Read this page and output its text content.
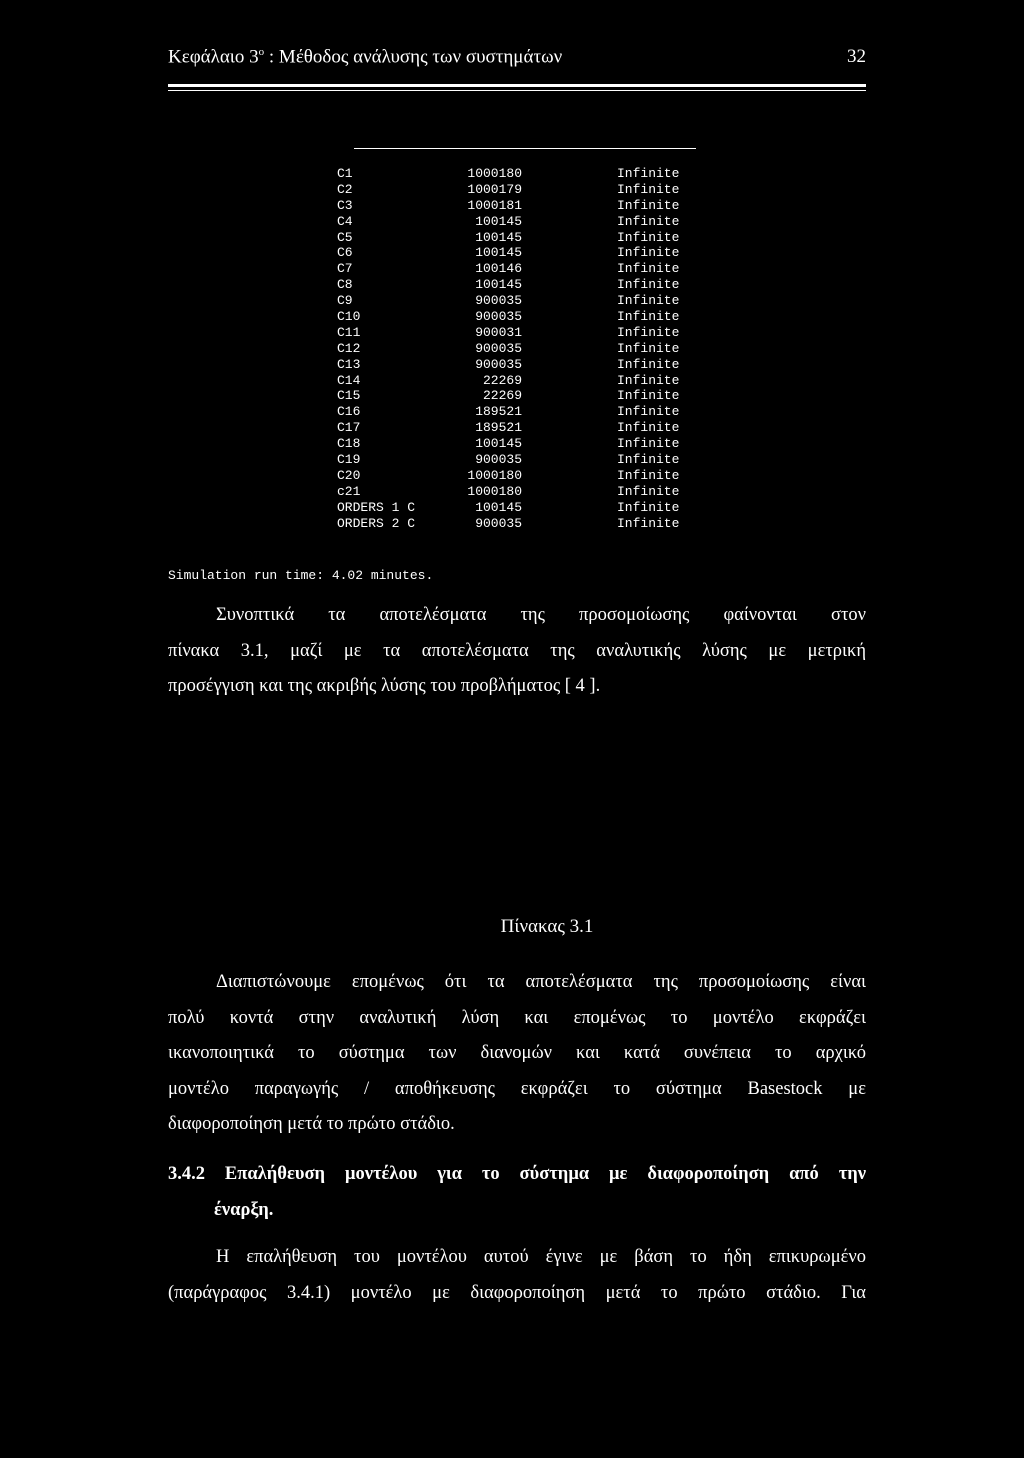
Κεφάλαιο $3^o$ : Μέθοδος ανάλυσης των συστημάτων	32
C1	1000180	Infinite
C2	1000179	Infinite
C3	1000181	Infinite
C4	100145	Infinite
C5	100145	Infinite
C6	100145	Infinite
C7	100146	Infinite
C8	100145	Infinite
C9	900035	Infinite
C10	900035	Infinite
C11	900031	Infinite
C12	900035	Infinite
C13	900035	Infinite
C14	22269	Infinite
C15	22269	Infinite
C16	189521	Infinite
C17	189521	Infinite
C18	100145	Infinite
C19	900035	Infinite
C20	1000180	Infinite
c21	1000180	Infinite
ORDERS 1 C	100145	Infinite
ORDERS 2 C	900035	Infinite
Simulation run time: 4.02 minutes.
Συνοπτικά τα αποτελέσματα της προσομοίωσης φαίνονται στον
πίνακα 3.1, μαζί με τα αποτελέσματα της αναλυτικής λύσης με μετρική
προσέγγιση και της ακριβής λύσης του προβλήματος [ 4 ].
Πίνακας 3.1
Διαπιστώνουμε επομένως ότι τα αποτελέσματα της προσομοίωσης είναι
πολύ κοντά στην αναλυτική λύση και επομένως το μοντέλο εκφράζει
ικανοποιητικά το σύστημα των διανομών και κατά συνέπεια το αρχικό
μοντέλο παραγωγής / αποθήκευσης εκφράζει το σύστημα Basestock με
διαφοροποίηση μετά το πρώτο στάδιο.
3.4.2 Επαλήθευση μοντέλου για το σύστημα με διαφοροποίηση από την
έναρξη.
Η επαλήθευση του μοντέλου αυτού έγινε με βάση το ήδη επικυρωμένο
(παράγραφος 3.4.1) μοντέλο με διαφοροποίηση μετά το πρώτο στάδιο. Για
